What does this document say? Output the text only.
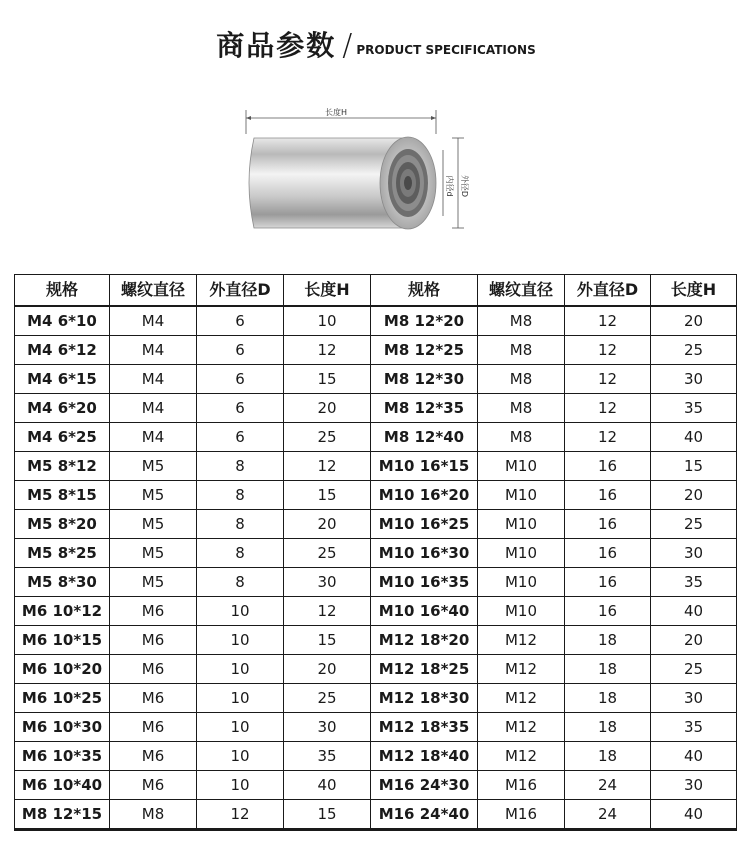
商品参数 / PRODUCT SPECIFICATIONS
长度H
内径d 外径D
规格	螺纹直径	外直径D	长度H	规格	螺纹直径	外直径D	长度H
M4 6*10	M4	6	10	M8 12*20	M8	12	20
M4 6*12	M4	6	12	M8 12*25	M8	12	25
M4 6*15	M4	6	15	M8 12*30	M8	12	30
M4 6*20	M4	6	20	M8 12*35	M8	12	35
M4 6*25	M4	6	25	M8 12*40	M8	12	40
M5 8*12	M5	8	12	M10 16*15	M10	16	15
M5 8*15	M5	8	15	M10 16*20	M10	16	20
M5 8*20	M5	8	20	M10 16*25	M10	16	25
M5 8*25	M5	8	25	M10 16*30	M10	16	30
M5 8*30	M5	8	30	M10 16*35	M10	16	35
M6 10*12	M6	10	12	M10 16*40	M10	16	40
M6 10*15	M6	10	15	M12 18*20	M12	18	20
M6 10*20	M6	10	20	M12 18*25	M12	18	25
M6 10*25	M6	10	25	M12 18*30	M12	18	30
M6 10*30	M6	10	30	M12 18*35	M12	18	35
M6 10*35	M6	10	35	M12 18*40	M12	18	40
M6 10*40	M6	10	40	M16 24*30	M16	24	30
M8 12*15	M8	12	15	M16 24*40	M16	24	40
